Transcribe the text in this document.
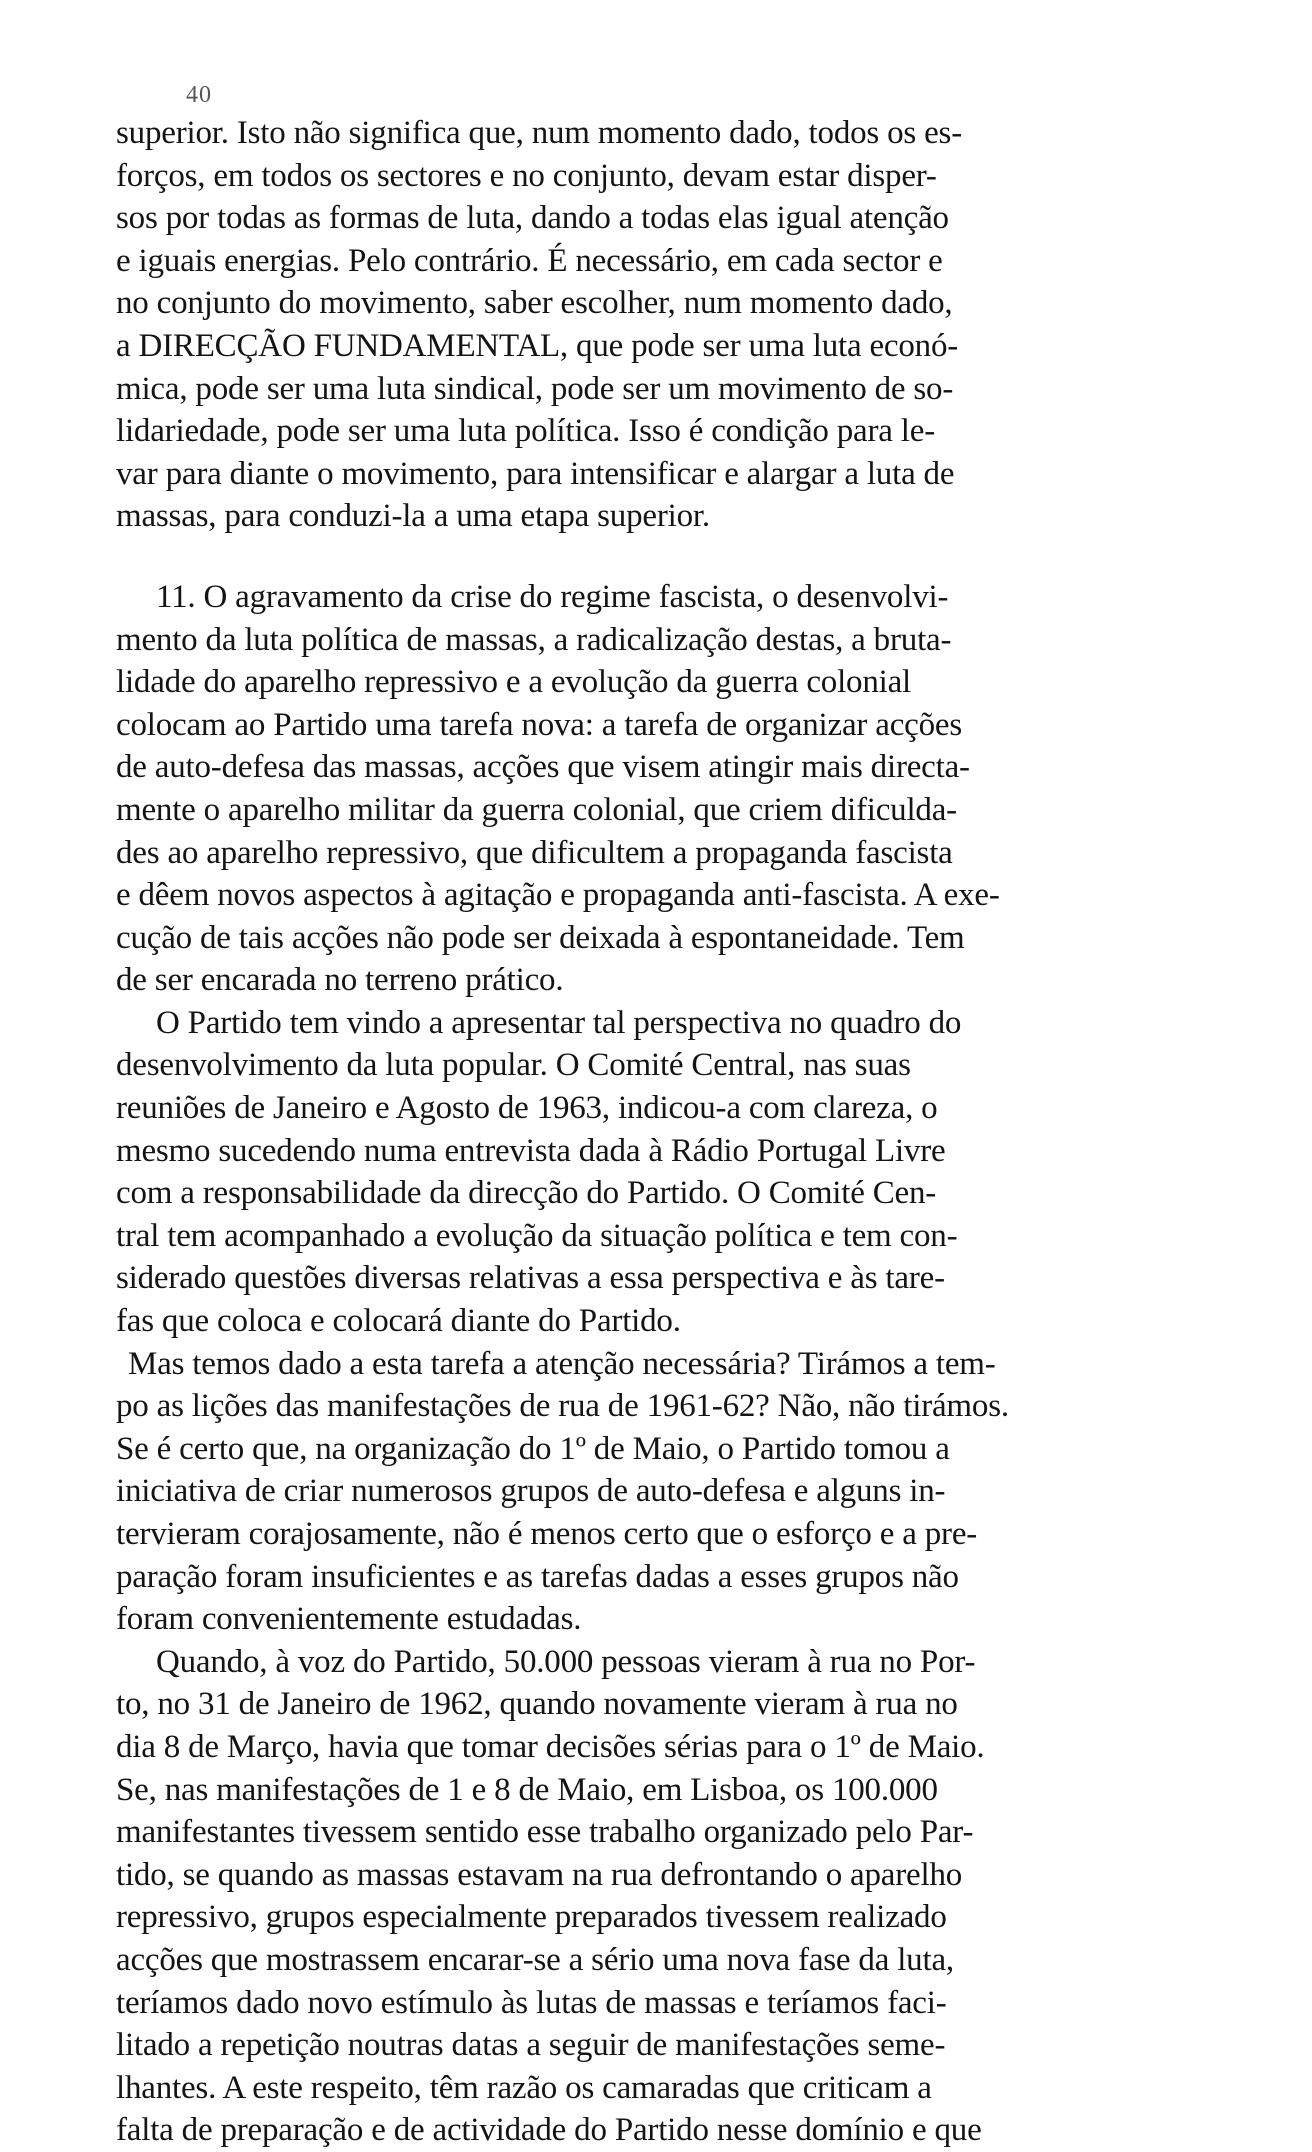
40
superior. Isto não significa que, num momento dado, todos os es-
forços, em todos os sectores e no conjunto, devam estar disper-
sos por todas as formas de luta, dando a todas elas igual atenção
e iguais energias. Pelo contrário. É necessário, em cada sector e
no conjunto do movimento, saber escolher, num momento dado,
a DIRECÇÃO FUNDAMENTAL, que pode ser uma luta econó-
mica, pode ser uma luta sindical, pode ser um movimento de so-
lidariedade, pode ser uma luta política. Isso é condição para le-
var para diante o movimento, para intensificar e alargar a luta de
massas, para conduzi-la a uma etapa superior.
11. O agravamento da crise do regime fascista, o desenvolvi-
mento da luta política de massas, a radicalização destas, a bruta-
lidade do aparelho repressivo e a evolução da guerra colonial
colocam ao Partido uma tarefa nova: a tarefa de organizar acções
de auto-defesa das massas, acções que visem atingir mais directa-
mente o aparelho militar da guerra colonial, que criem dificulda-
des ao aparelho repressivo, que dificultem a propaganda fascista
e dêem novos aspectos à agitação e propaganda anti-fascista. A exe-
cução de tais acções não pode ser deixada à espontaneidade. Tem
de ser encarada no terreno prático.
O Partido tem vindo a apresentar tal perspectiva no quadro do
desenvolvimento da luta popular. O Comité Central, nas suas
reuniões de Janeiro e Agosto de 1963, indicou-a com clareza, o
mesmo sucedendo numa entrevista dada à Rádio Portugal Livre
com a responsabilidade da direcção do Partido. O Comité Cen-
tral tem acompanhado a evolução da situação política e tem con-
siderado questões diversas relativas a essa perspectiva e às tare-
fas que coloca e colocará diante do Partido.
Mas temos dado a esta tarefa a atenção necessária? Tirámos a tem-
po as lições das manifestações de rua de 1961-62? Não, não tirámos.
Se é certo que, na organização do 1º de Maio, o Partido tomou a
iniciativa de criar numerosos grupos de auto-defesa e alguns in-
tervieram corajosamente, não é menos certo que o esforço e a pre-
paração foram insuficientes e as tarefas dadas a esses grupos não
foram convenientemente estudadas.
Quando, à voz do Partido, 50.000 pessoas vieram à rua no Por-
to, no 31 de Janeiro de 1962, quando novamente vieram à rua no
dia 8 de Março, havia que tomar decisões sérias para o 1º de Maio.
Se, nas manifestações de 1 e 8 de Maio, em Lisboa, os 100.000
manifestantes tivessem sentido esse trabalho organizado pelo Par-
tido, se quando as massas estavam na rua defrontando o aparelho
repressivo, grupos especialmente preparados tivessem realizado
acções que mostrassem encarar-se a sério uma nova fase da luta,
teríamos dado novo estímulo às lutas de massas e teríamos faci-
litado a repetição noutras datas a seguir de manifestações seme-
lhantes. A este respeito, têm razão os camaradas que criticam a
falta de preparação e de actividade do Partido nesse domínio e que
